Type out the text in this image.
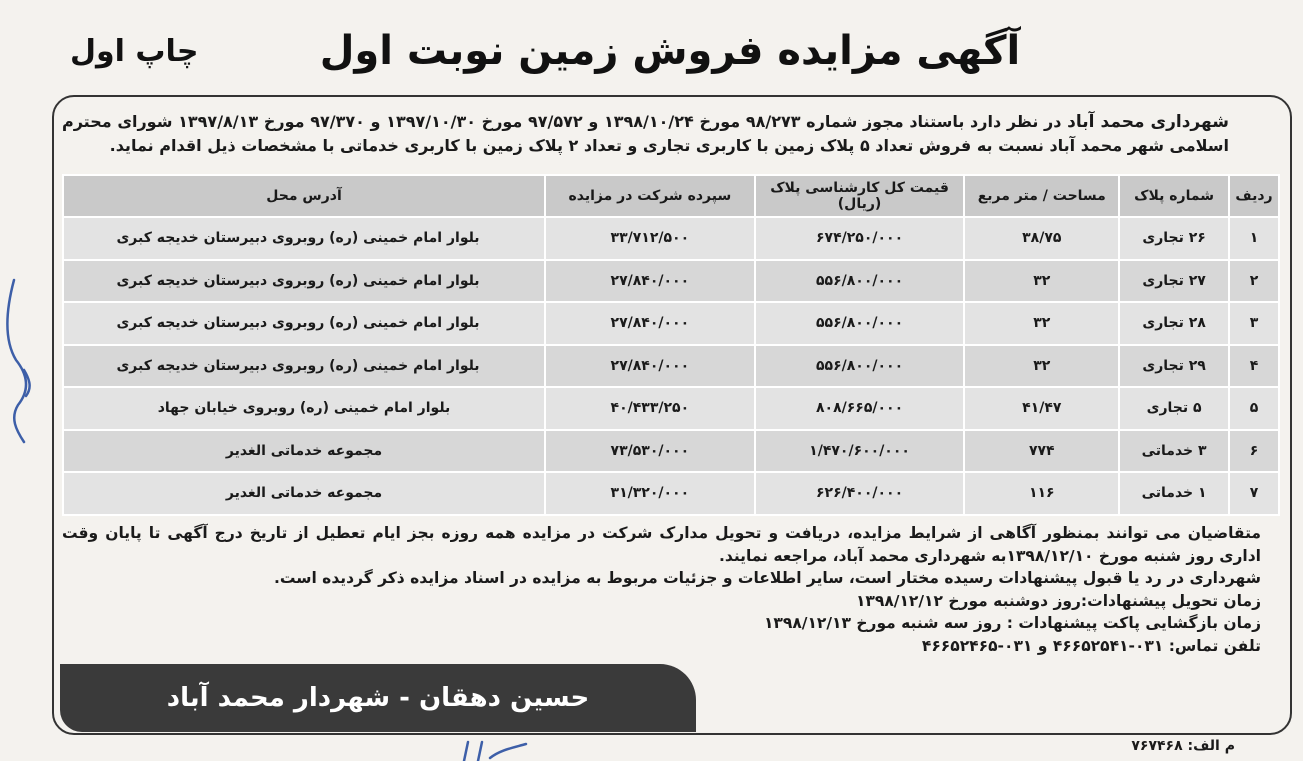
آگهی مزایده فروش زمین نوبت اول
چاپ اول
شهرداری محمد آباد در نظر دارد باستناد مجوز شماره ۹۸/۲۷۳ مورخ ۱۳۹۸/۱۰/۲۴ و ۹۷/۵۷۲ مورخ ۱۳۹۷/۱۰/۳۰ و ۹۷/۳۷۰ مورخ ۱۳۹۷/۸/۱۳ شورای محترم اسلامی شهر محمد آباد نسبت به فروش تعداد ۵ پلاک زمین با کاربری تجاری و تعداد ۲ پلاک زمین با کاربری خدماتی با مشخصات ذیل اقدام نماید.
ردیف	شماره پلاک	مساحت / متر مربع	قیمت کل کارشناسی پلاک (ریال)	سپرده شرکت در مزایده	آدرس محل
۱	۲۶ تجاری	۳۸/۷۵	۶۷۴/۲۵۰/۰۰۰	۳۳/۷۱۲/۵۰۰	بلوار امام خمینی (ره) روبروی دبیرستان خدیجه کبری
۲	۲۷ تجاری	۳۲	۵۵۶/۸۰۰/۰۰۰	۲۷/۸۴۰/۰۰۰	بلوار امام خمینی (ره) روبروی دبیرستان خدیجه کبری
۳	۲۸ تجاری	۳۲	۵۵۶/۸۰۰/۰۰۰	۲۷/۸۴۰/۰۰۰	بلوار امام خمینی (ره) روبروی دبیرستان خدیجه کبری
۴	۲۹ تجاری	۳۲	۵۵۶/۸۰۰/۰۰۰	۲۷/۸۴۰/۰۰۰	بلوار امام خمینی (ره) روبروی دبیرستان خدیجه کبری
۵	۵ تجاری	۴۱/۴۷	۸۰۸/۶۶۵/۰۰۰	۴۰/۴۳۳/۲۵۰	بلوار امام خمینی (ره) روبروی خیابان جهاد
۶	۳ خدماتی	۷۷۴	۱/۴۷۰/۶۰۰/۰۰۰	۷۳/۵۳۰/۰۰۰	مجموعه خدماتی الغدیر
۷	۱ خدماتی	۱۱۶	۶۲۶/۴۰۰/۰۰۰	۳۱/۳۲۰/۰۰۰	مجموعه خدماتی الغدیر

متقاضیان می توانند بمنظور آگاهی از شرایط مزایده، دریافت و تحویل مدارک شرکت در مزایده همه روزه بجز ایام تعطیل از تاریخ درج آگهی تا پایان وقت اداری روز شنبه مورخ ۱۳۹۸/۱۲/۱۰به شهرداری محمد آباد، مراجعه نمایند.

شهرداری در رد یا قبول پیشنهادات رسیده مختار است، سایر اطلاعات و جزئیات مربوط به مزایده در اسناد مزایده ذکر گردیده است.

زمان تحویل پیشنهادات:روز دوشنبه مورخ ۱۳۹۸/۱۲/۱۲

زمان بازگشایی پاکت پیشنهادات : روز سه شنبه مورخ ۱۳۹۸/۱۲/۱۳

تلفن تماس: ۰۳۱-۴۶۶۵۲۵۴۱ و ۰۳۱-۴۶۶۵۲۴۶۵

حسین دهقان - شهردار محمد آباد
م الف: ۷۶۷۴۶۸
